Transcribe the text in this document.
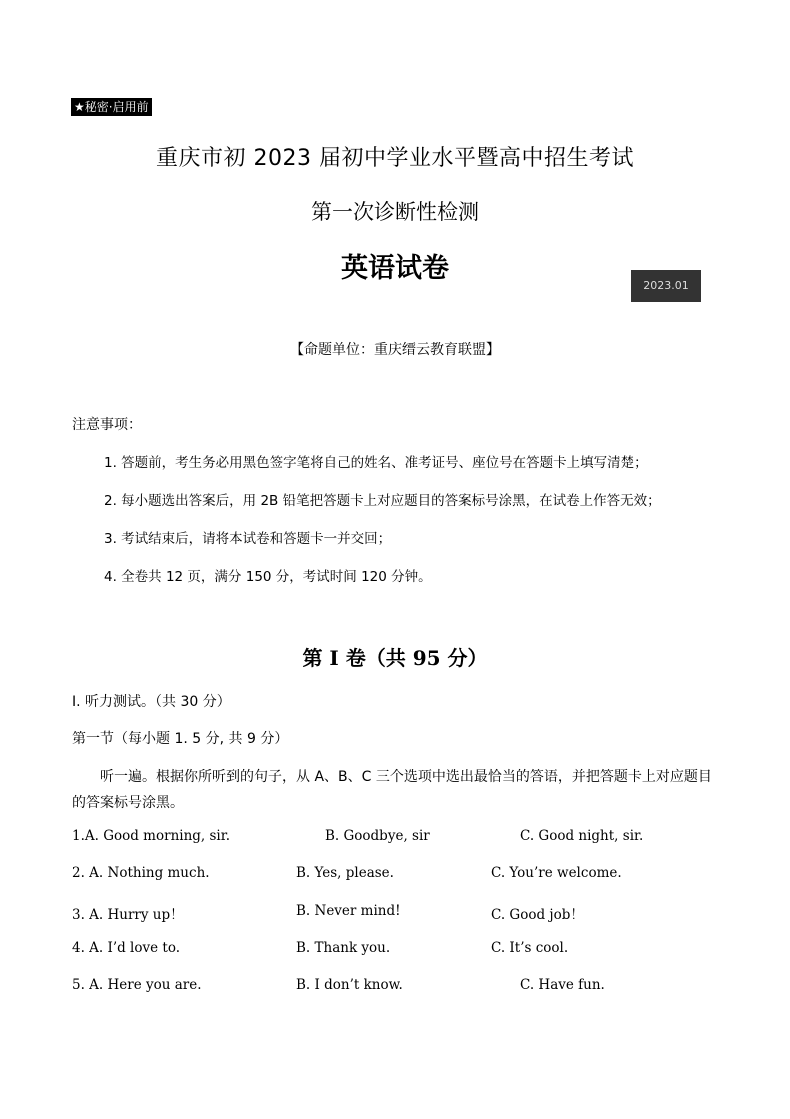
★秘密·启用前
重庆市初 2023 届初中学业水平暨高中招生考试
第一次诊断性检测
英语试卷
2023.01
【命题单位：重庆缙云教育联盟】
注意事项：
1. 答题前，考生务必用黑色签字笔将自己的姓名、准考证号、座位号在答题卡上填写清楚；
2. 每小题选出答案后，用 2B 铅笔把答题卡上对应题目的答案标号涂黑，在试卷上作答无效；
3. 考试结束后，请将本试卷和答题卡一并交回；
4. 全卷共 12 页，满分 150 分，考试时间 120 分钟。
第 I 卷（共 95 分）
Ⅰ. 听力测试。（共 30 分）
第一节（每小题 1. 5 分, 共 9 分）
听一遍。根据你所听到的句子，从 A、B、C 三个选项中选出最恰当的答语，并把答题卡上对应题目的答案标号涂黑。
1.A. Good morning, sir.	B. Goodbye, sir	C. Good night, sir.
2. A. Nothing much.	B. Yes, please.	C. You’re welcome.
3. A. Hurry up！	B. Never mind!	C. Good job！
4. A. I’d love to.	B. Thank you.	C. It’s cool.
5. A. Here you are.	B. I don’t know.	C. Have fun.
